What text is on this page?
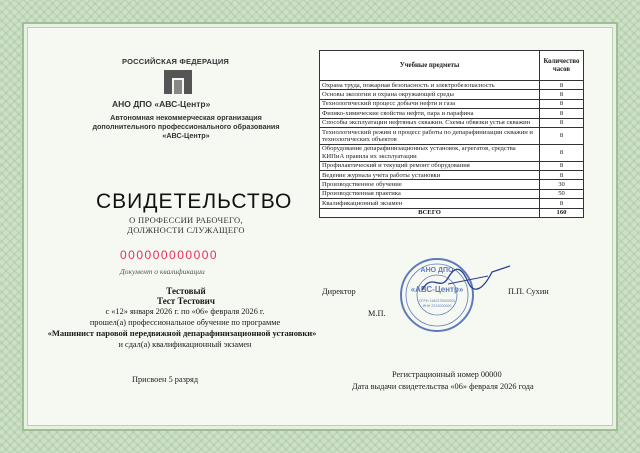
РОССИЙСКАЯ ФЕДЕРАЦИЯ
АНО ДПО «АВС-Центр»
Автономная некоммерческая организация
дополнительного профессионального образования
«АВС-Центр»
СВИДЕТЕЛЬСТВО
О ПРОФЕССИИ РАБОЧЕГО,
ДОЛЖНОСТИ СЛУЖАЩЕГО
000000000000
Документ о квалификации
Тестовый
Тест Тестович
с «12» января 2026 г. по «06» февраля 2026 г.
прошел(а) профессиональное обучение по программе
«Машинист паровой передвижной депарафинизационной установки»
и сдал(а) квалификационный экзамен
Присвоен 5 разряд
Учебные предметы	Количество часов
Охрана труда, пожарная безопасность и электробезопасность	8
Основы экологии и охрана окружающей среды	8
Технологический процесс добычи нефти и газа	8
Физико-химические свойства нефти, пара и парафина	8
Способы эксплуатации нефтяных скважин. Схемы обвязки устья скважин	8
Технологический режим и процесс работы по депарафинизации скважин и технологических объектов	8
Оборудование депарафинизационных установок, агрегатов, средства КИПиА правила их эксплуатации	8
Профилактический и текущий ремонт оборудования	8
Ведение журнала учета работы установки	8
Производственное обучение	30
Производственная практика	50
Квалификационный экзамен	8
ВСЕГО	160
Директор	П.П. Сухин
М.П.
АНО ДПО
«АВС-Центр»
ОГРН 1182375000000
ИНН 2312000000
Регистрационный номер 00000
Дата выдачи свидетельства «06» февраля 2026 года
